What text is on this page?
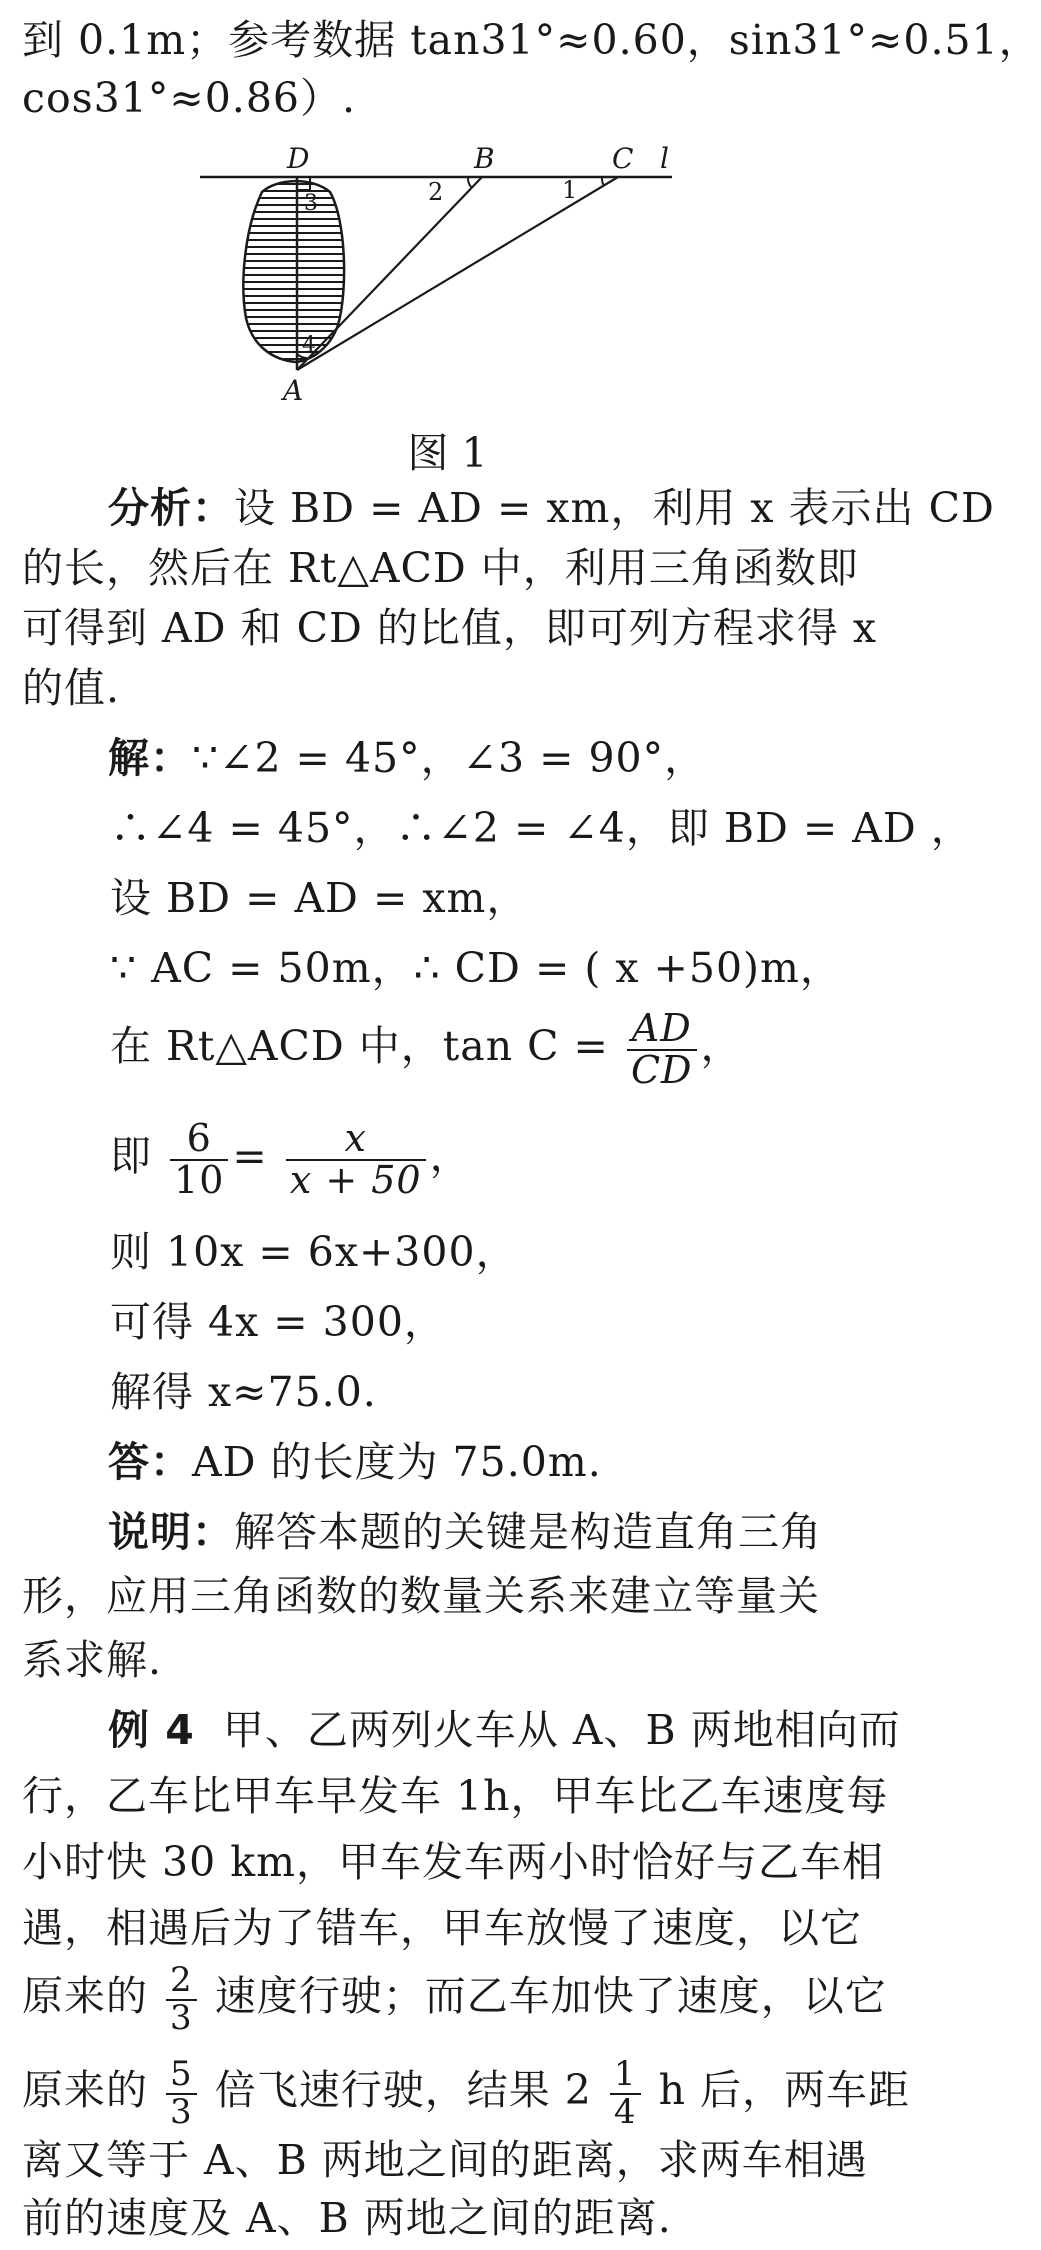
到 0.1m；参考数据 tan31°≈0.60，sin31°≈0.51，
cos31°≈0.86）.
D	B	C l
A
1
2
3
4
图 1
分析：设 BD = AD = xm，利用 x 表示出 CD
的长，然后在 Rt△ACD 中，利用三角函数即
可得到 AD 和 CD 的比值，即可列方程求得 x
的值.
解：∵∠2 = 45°，∠3 = 90°，
∴∠4 = 45°，∴∠2 = ∠4，即 BD = AD ，
设 BD = AD = xm，
∵ AC = 50m，∴ CD = ( x +50)m，
在 Rt△ACD 中，$\tan C = \frac{AD}{CD}$ ，
即 $\frac{6}{10} = \frac{x}{x + 50}$ ，
则 10x = 6x+300，
可得 4x = 300，
解得 x≈75.0.
答：AD 的长度为 75.0m.
说明：解答本题的关键是构造直角三角
形，应用三角函数的数量关系来建立等量关
系求解.
例 4 甲、乙两列火车从 A、B 两地相向而
行，乙车比甲车早发车 1h，甲车比乙车速度每
小时快 30 km，甲车发车两小时恰好与乙车相
遇，相遇后为了错车，甲车放慢了速度，以它
原来的 $\frac{2}{3}$ 速度行驶；而乙车加快了速度，以它
原来的 $\frac{5}{3}$ 倍飞速行驶，结果 $2 \frac{1}{4}$ h 后，两车距
离又等于 A、B 两地之间的距离，求两车相遇
前的速度及 A、B 两地之间的距离.
